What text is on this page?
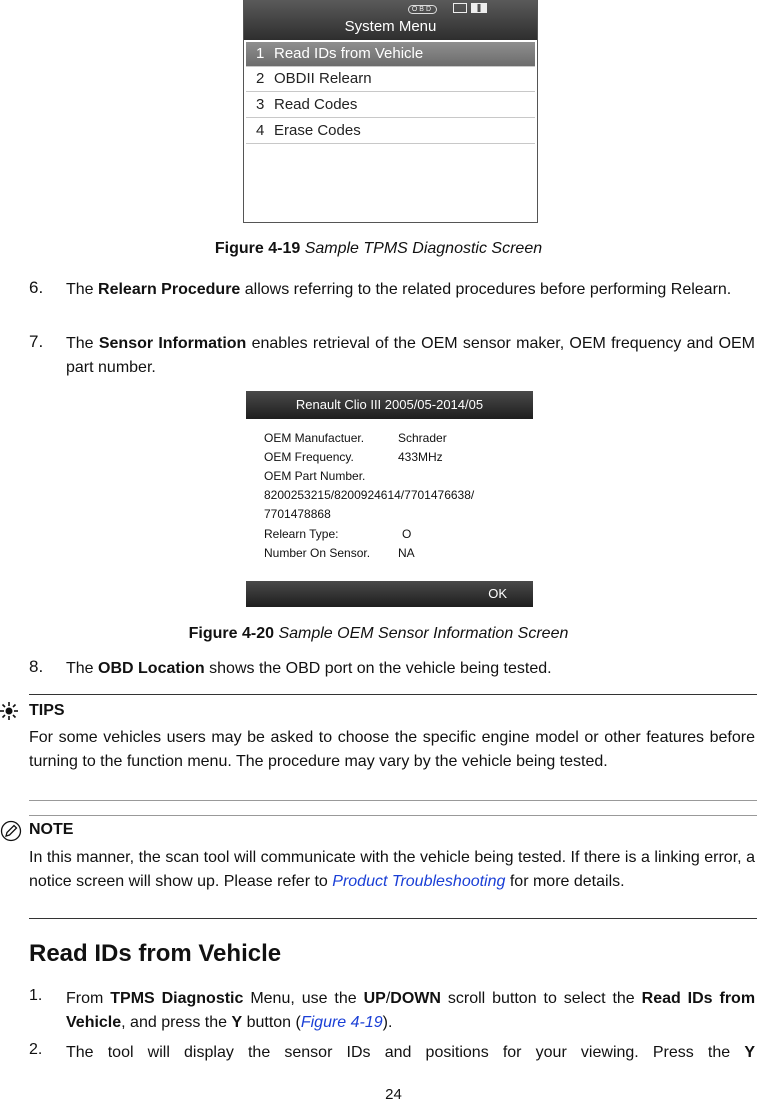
OBD
System Menu
1 Read IDs from Vehicle
2 OBDII Relearn
3 Read Codes
4 Erase Codes
Figure 4-19 Sample TPMS Diagnostic Screen
6. The Relearn Procedure allows referring to the related procedures before performing Relearn.
7. The Sensor Information enables retrieval of the OEM sensor maker, OEM frequency and OEM part number.
Renault Clio III 2005/05-2014/05
OEM Manufactuer.	Schrader
OEM Frequency.	433MHz
OEM Part Number.
8200253215/8200924614/7701476638/
7701478868
Relearn Type:	O
Number On Sensor. NA
OK
Figure 4-20 Sample OEM Sensor Information Screen
8. The OBD Location shows the OBD port on the vehicle being tested.
TIPS
For some vehicles users may be asked to choose the specific engine model or other features before turning to the function menu. The procedure may vary by the vehicle being tested.
NOTE
In this manner, the scan tool will communicate with the vehicle being tested. If there is a linking error, a notice screen will show up. Please refer to Product Troubleshooting for more details.
Read IDs from Vehicle
1. From TPMS Diagnostic Menu, use the UP/DOWN scroll button to select the Read IDs from Vehicle, and press the Y button (Figure 4-19).
2. The tool will display the sensor IDs and positions for your viewing. Press the Y
24
